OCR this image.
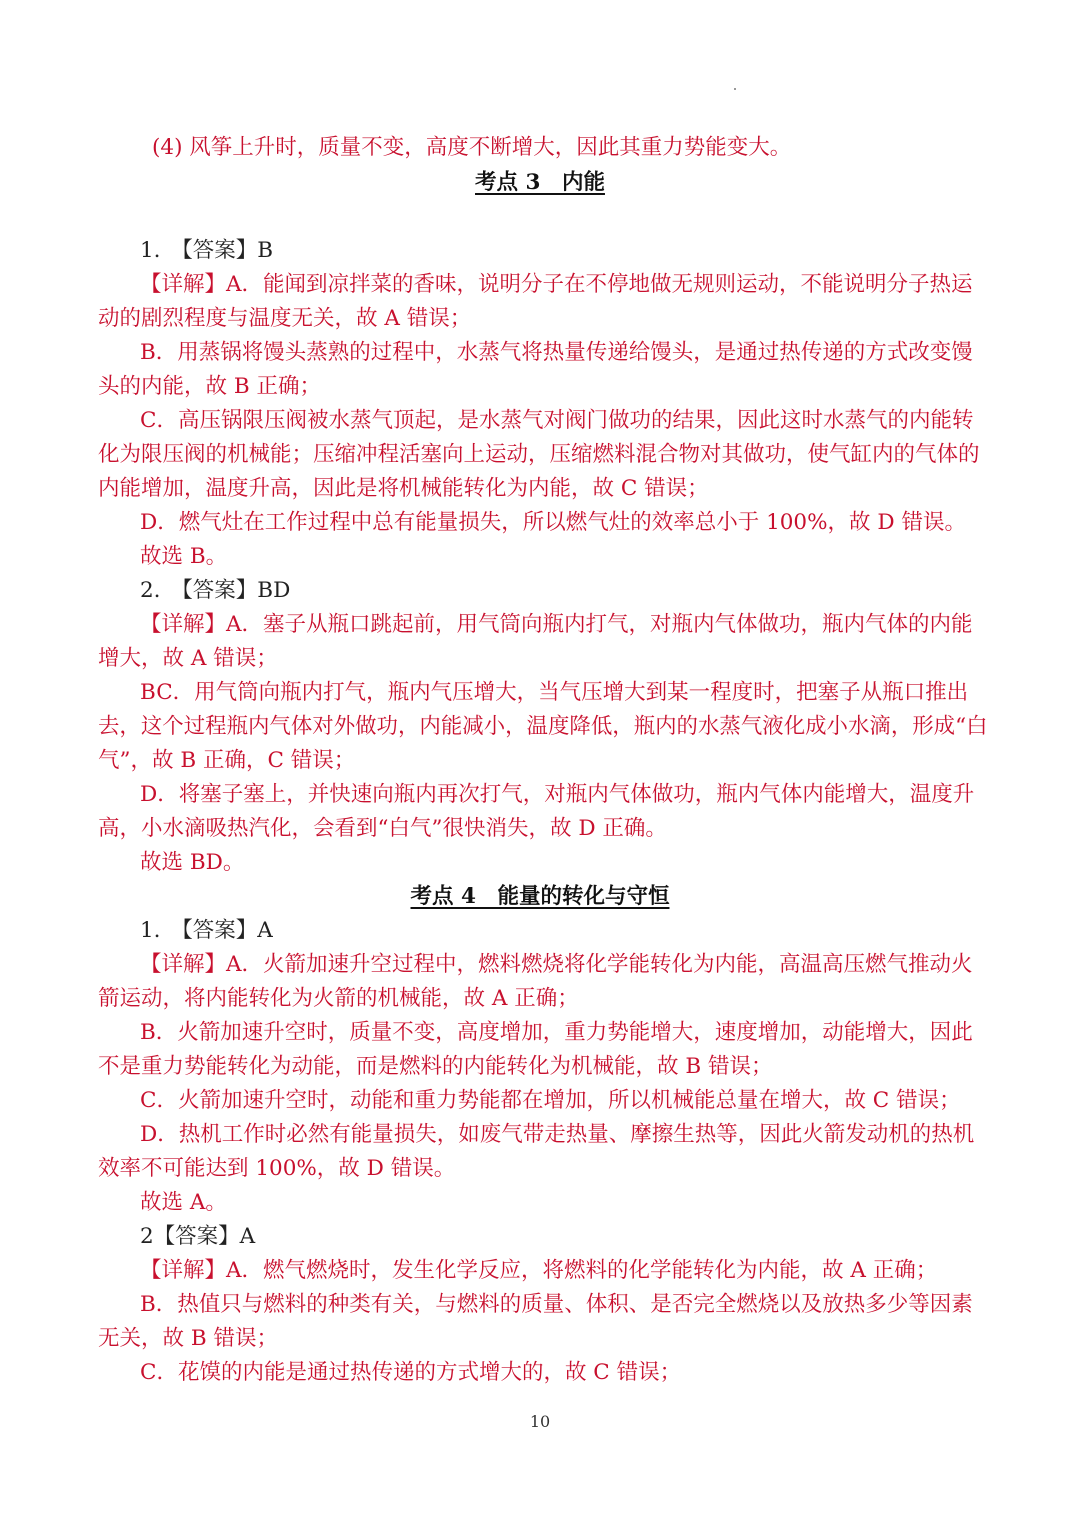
(4) 风筝上升时，质量不变，高度不断增大，因此其重力势能变大。
考点 3　内能
1.　【答案】B
【详解】A．能闻到凉拌菜的香味，说明分子在不停地做无规则运动，不能说明分子热运
动的剧烈程度与温度无关，故 A 错误；
B．用蒸锅将馒头蒸熟的过程中，水蒸气将热量传递给馒头，是通过热传递的方式改变馒
头的内能，故 B 正确；
C．高压锅限压阀被水蒸气顶起，是水蒸气对阀门做功的结果，因此这时水蒸气的内能转
化为限压阀的机械能；压缩冲程活塞向上运动，压缩燃料混合物对其做功，使气缸内的气体的
内能增加，温度升高，因此是将机械能转化为内能，故 C 错误；
D．燃气灶在工作过程中总有能量损失，所以燃气灶的效率总小于 100%，故 D 错误。
故选 B。
2.　【答案】BD
【详解】A．塞子从瓶口跳起前，用气筒向瓶内打气，对瓶内气体做功，瓶内气体的内能
增大，故 A 错误；
BC．用气筒向瓶内打气，瓶内气压增大，当气压增大到某一程度时，把塞子从瓶口推出
去，这个过程瓶内气体对外做功，内能减小，温度降低，瓶内的水蒸气液化成小水滴，形成“白
气”，故 B 正确，C 错误；
D．将塞子塞上，并快速向瓶内再次打气，对瓶内气体做功，瓶内气体内能增大，温度升
高，小水滴吸热汽化，会看到“白气”很快消失，故 D 正确。
故选 BD。
考点 4　能量的转化与守恒
1.　【答案】A
【详解】A．火箭加速升空过程中，燃料燃烧将化学能转化为内能，高温高压燃气推动火
箭运动，将内能转化为火箭的机械能，故 A 正确；
B．火箭加速升空时，质量不变，高度增加，重力势能增大，速度增加，动能增大，因此
不是重力势能转化为动能，而是燃料的内能转化为机械能，故 B 错误；
C．火箭加速升空时，动能和重力势能都在增加，所以机械能总量在增大，故 C 错误；
D．热机工作时必然有能量损失，如废气带走热量、摩擦生热等，因此火箭发动机的热机
效率不可能达到 100%，故 D 错误。
故选 A。
2【答案】A
【详解】A．燃气燃烧时，发生化学反应，将燃料的化学能转化为内能，故 A 正确；
B．热值只与燃料的种类有关，与燃料的质量、体积、是否完全燃烧以及放热多少等因素
无关，故 B 错误；
C．花馍的内能是通过热传递的方式增大的，故 C 错误；
10
